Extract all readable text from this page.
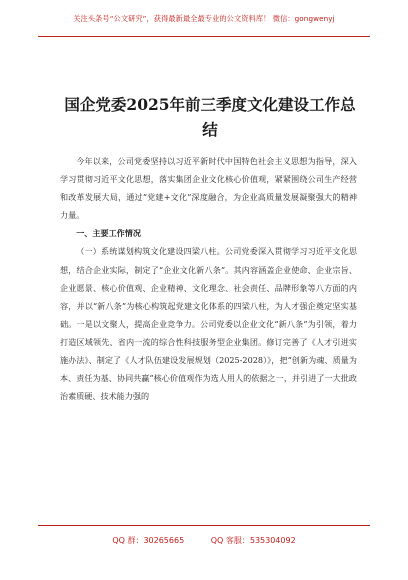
关注头条号“公文研究”，获得最新最全最专业的公文资料库！ 微信：gongwenyj
国企党委2025年前三季度文化建设工作总结

今年以来，公司党委坚持以习近平新时代中国特色社会主义思想为指导，深入学习贯彻习近平文化思想，落实集团企业文化核心价值观，紧紧围绕公司生产经营和改革发展大局，通过“党建+文化”深度融合，为企业高质量发展凝聚强大的精神力量。

一、主要工作情况

（一）系统谋划构筑文化建设四梁八柱。公司党委深入贯彻学习习近平文化思想，结合企业实际，制定了“企业文化新八条”。其内容涵盖企业使命、企业宗旨、企业愿景、核心价值观、企业精神、文化理念、社会责任、品牌形象等八方面的内容，并以“新八条”为核心构筑起党建文化体系的四梁八柱，为人才强企奠定坚实基础。一是以文聚人，提高企业竞争力。公司党委以企业文化“新八条”为引领，着力打造区域领先、省内一流的综合性科技服务型企业集团。修订完善了《人才引进实施办法》、制定了《人才队伍建设发展规划（2025-2028）》，把“创新为魂、质量为本、责任为基、协同共赢”核心价值观作为选人用人的依据之一，并引进了一大批政治素质硬、技术能力强的

QQ 群：30265665	QQ 客服：535304092
